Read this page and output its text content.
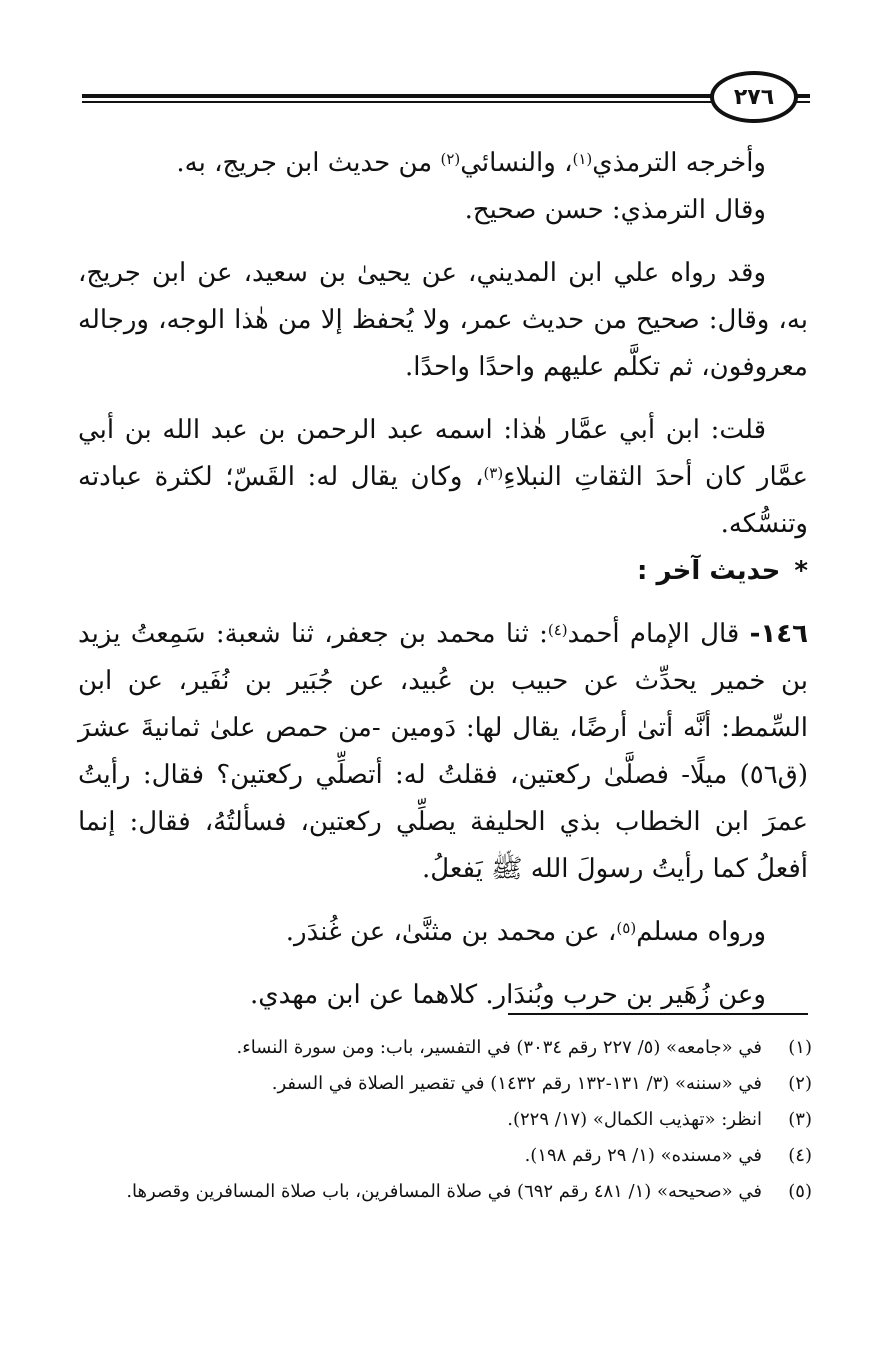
٢٧٦

وأخرجه الترمذي$^{(١)}$، والنسائي$^{(٢)}$ من حديث ابن جريج، به.

وقال الترمذي: حسن صحيح.

وقد رواه علي ابن المديني، عن يحيىٰ بن سعيد، عن ابن جريج، به، وقال: صحيح من حديث عمر، ولا يُحفظ إلا من هٰذا الوجه، ورجاله معروفون، ثم تكلَّم عليهم واحدًا واحدًا.

قلت: ابن أبي عمَّار هٰذا: اسمه عبد الرحمن بن عبد الله بن أبي عمَّار كان أحدَ الثقاتِ النبلاءِ$^{(٣)}$، وكان يقال له: القَسّ؛ لكثرة عبادته وتنسُّكه.

*حديث آخر :

١٤٦- قال الإمام أحمد$^{(٤)}$: ثنا محمد بن جعفر، ثنا شعبة: سَمِعتُ يزيد بن خمير يحدِّث عن حبيب بن عُبيد، عن جُبَير بن نُفَير، عن ابن السِّمط: أنَّه أتىٰ أرضًا، يقال لها: دَومين -من حمص علىٰ ثمانيةَ عشرَ (ق٥٦) ميلًا- فصلَّىٰ ركعتين، فقلتُ له: أتصلِّي ركعتين؟ فقال: رأيتُ عمرَ ابن الخطاب بذي الحليفة يصلِّي ركعتين، فسألتُهُ، فقال: إنما أفعلُ كما رأيتُ رسولَ الله ﷺ يَفعلُ.

ورواه مسلم$^{(٥)}$، عن محمد بن مثنَّىٰ، عن غُندَر.

وعن زُهَير بن حرب وبُندَار. كلاهما عن ابن مهدي.

(١)
في «جامعه» (٥/ ٢٢٧ رقم ٣٠٣٤) في التفسير، باب: ومن سورة النساء.
(٢)
في «سننه» (٣/ ١٣١-١٣٢ رقم ١٤٣٢) في تقصير الصلاة في السفر.
(٣)
انظر: «تهذيب الكمال» (١٧/ ٢٢٩).
(٤)
في «مسنده» (١/ ٢٩ رقم ١٩٨).
(٥)
في «صحيحه» (١/ ٤٨١ رقم ٦٩٢) في صلاة المسافرين، باب صلاة المسافرين وقصرها.
